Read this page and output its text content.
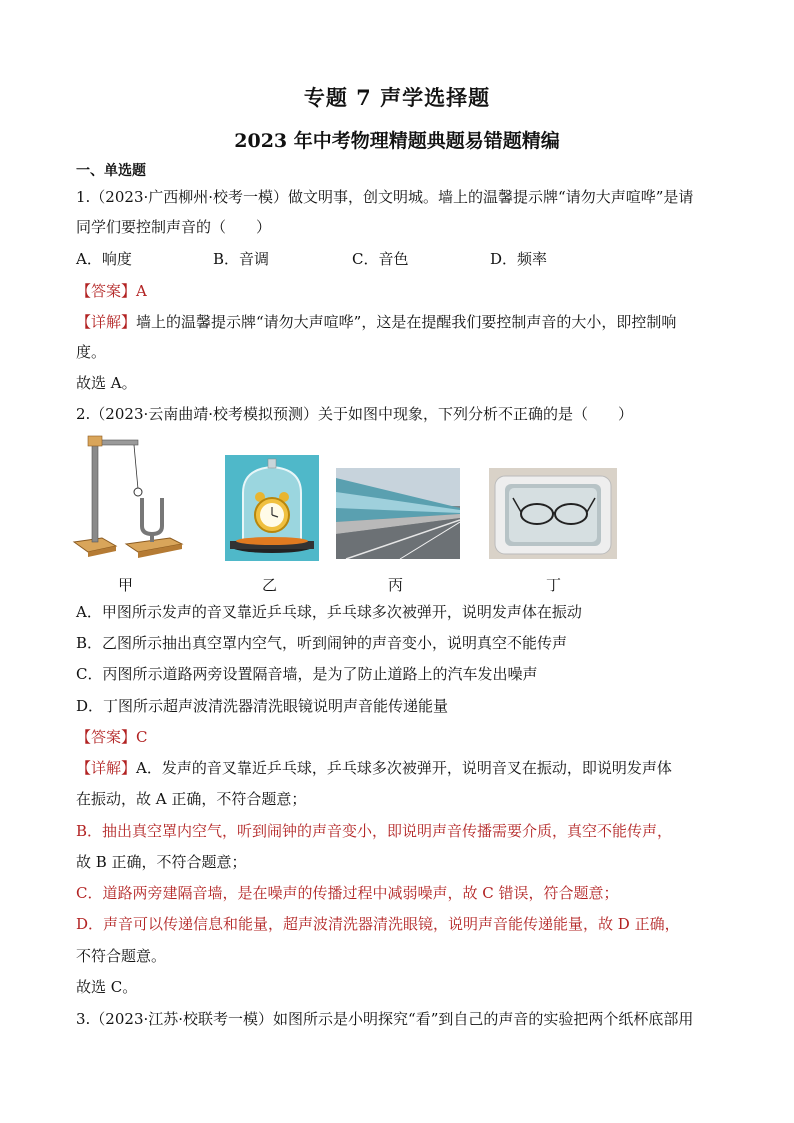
专题 7 声学选择题
2023 年中考物理精题典题易错题精编
一、单选题
1.（2023·广西柳州·校考一模）做文明事，创文明城。墙上的温馨提示牌“请勿大声喧哗”是请
同学们要控制声音的（　　）
A．响度	B．音调	C．音色	D．频率
【答案】A
【详解】墙上的温馨提示牌“请勿大声喧哗”，这是在提醒我们要控制声音的大小，即控制响
度。
故选 A。
2.（2023·云南曲靖·校考模拟预测）关于如图中现象，下列分析不正确的是（　　）
甲	乙	丙	丁
A．甲图所示发声的音叉靠近乒乓球，乒乓球多次被弹开，说明发声体在振动
B．乙图所示抽出真空罩内空气，听到闹钟的声音变小，说明真空不能传声
C．丙图所示道路两旁设置隔音墙，是为了防止道路上的汽车发出噪声
D．丁图所示超声波清洗器清洗眼镜说明声音能传递能量
【答案】C
【详解】A．发声的音叉靠近乒乓球，乒乓球多次被弹开，说明音叉在振动，即说明发声体
在振动，故 A 正确，不符合题意；
B．抽出真空罩内空气，听到闹钟的声音变小，即说明声音传播需要介质，真空不能传声，
故 B 正确，不符合题意；
C．道路两旁建隔音墙，是在噪声的传播过程中减弱噪声，故 C 错误，符合题意；
D．声音可以传递信息和能量，超声波清洗器清洗眼镜，说明声音能传递能量，故 D 正确，
不符合题意。
故选 C。
3.（2023·江苏·校联考一模）如图所示是小明探究“看”到自己的声音的实验把两个纸杯底部用
